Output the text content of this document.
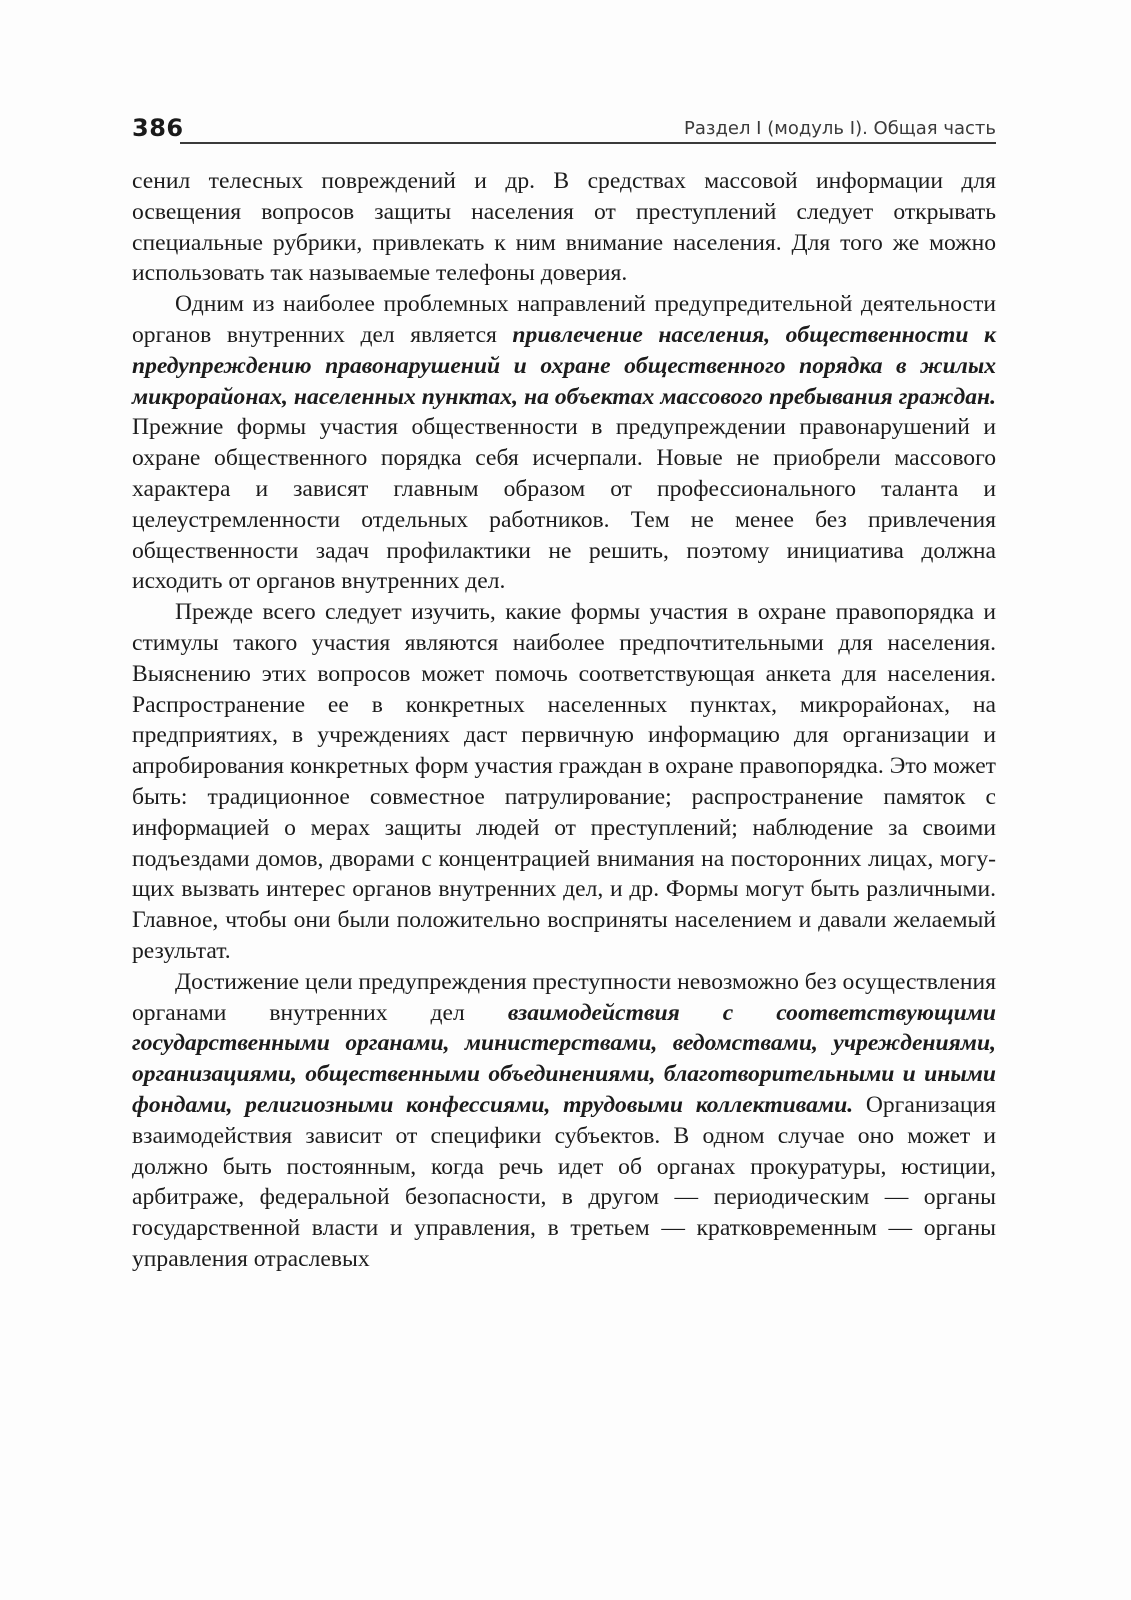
386	Раздел I (модуль I). Общая часть

сенил телесных повреждений и др. В средствах массовой информации для освещения вопросов защиты населения от преступлений следует открывать специальные рубрики, привлекать к ним внимание населения. Для того же можно использовать так называемые телефоны доверия.

Одним из наиболее проблемных направлений предупредительной деятельности органов внутренних дел является привлечение населения, общественности к предупреждению правонарушений и охране общественного порядка в жилых микрорайонах, населенных пунктах, на объектах массового пребывания граждан. Прежние формы участия общественности в предупреждении правонарушений и охране общественного порядка себя исчерпали. Новые не приобрели массового характера и зависят главным образом от профессионального таланта и целеустремленности отдельных работников. Тем не менее без привлечения общественности задач профилактики не решить, поэтому инициатива должна исходить от органов внутренних дел.

Прежде всего следует изучить, какие формы участия в охране правопорядка и стимулы такого участия являются наиболее предпочтительными для населения. Выяснению этих вопросов может помочь соответствующая анкета для населения. Распространение ее в конкретных населенных пунктах, микрорайонах, на предприятиях, в учреждениях даст первичную информацию для организации и апробирования конкретных форм участия граждан в охране правопорядка. Это может быть: традиционное совместное патрулирование; распространение памяток с информацией о мерах защиты людей от преступлений; наблюдение за своими подъездами домов, дворами с концентрацией внимания на посторонних лицах, могущих вызвать интерес органов внутренних дел, и др. Формы могут быть различными. Главное, чтобы они были положительно восприняты населением и давали желаемый результат.

Достижение цели предупреждения преступности невозможно без осуществления органами внутренних дел взаимодействия с соответствующими государственными органами, министерствами, ведомствами, учреждениями, организациями, общественными объединениями, благотворительными и иными фондами, религиозными конфессиями, трудовыми коллективами. Организация взаимодействия зависит от специфики субъектов. В одном случае оно может и должно быть постоянным, когда речь идет об органах прокуратуры, юстиции, арбитраже, федеральной безопасности, в другом — периодическим — органы государственной власти и управления, в третьем — кратковременным — органы управления отраслевых
